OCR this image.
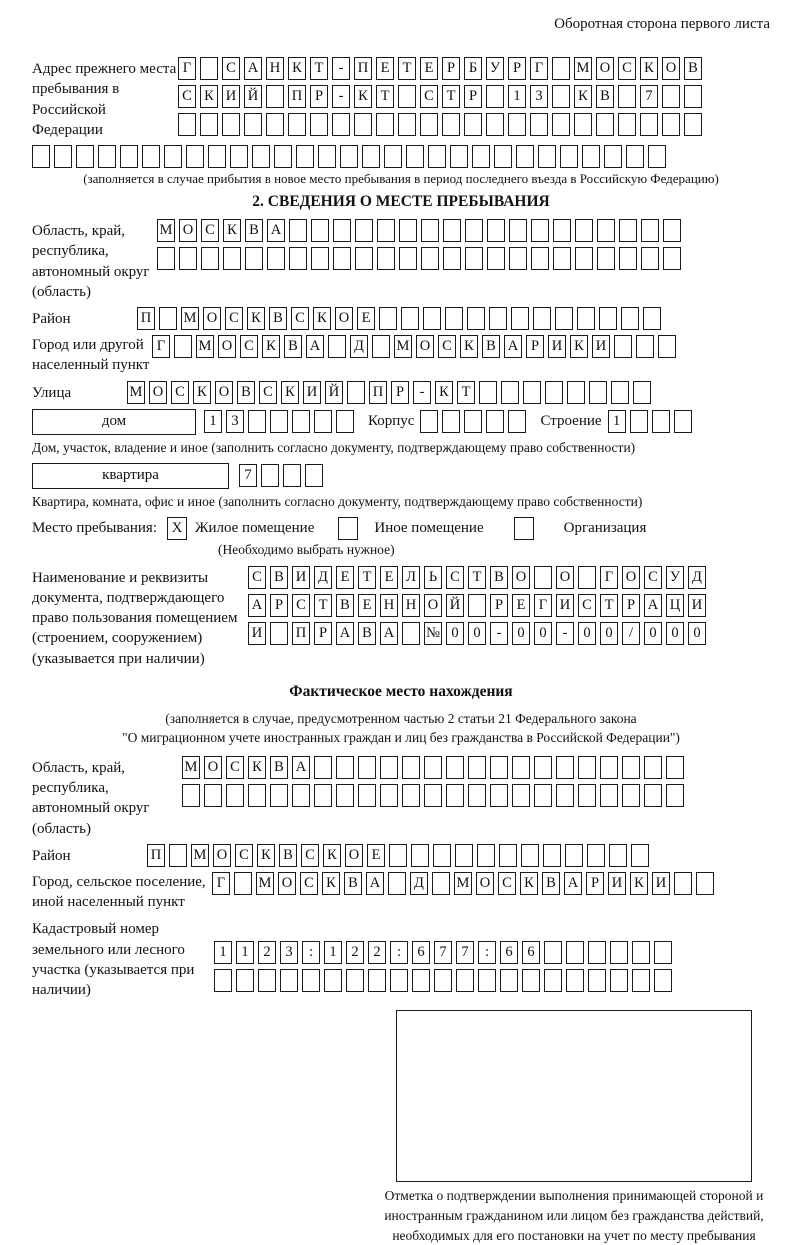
Оборотная сторона первого листа
Адрес прежнего места пребывания в Российской Федерации
Г	С А Н К Т	- П Е Т Е Р Б У Р Г	М О С К О В
С К И Й П Р	-	К Т	С Т Р	1	3	К В	7
(заполняется в случае прибытия в новое место пребывания в период последнего въезда в Российскую Федерацию)
2. СВЕДЕНИЯ О МЕСТЕ ПРЕБЫВАНИЯ
Область, край, республика, автономный округ (область)
М О С К В А
Район	П М О С К В С К О Е
Город или другой населенный пункт
Г	М О С К В А Д М О С К В А Р И К И
Улица	М О С К О В С К И Й П Р	-	К Т
дом	1	3	Корпус	Строение 1
Дом, участок, владение и иное (заполнить согласно документу, подтверждающему право собственности)
квартира	7
Квартира, комната, офис и иное (заполнить согласно документу, подтверждающему право собственности)
Место пребывания: X Жилое помещение	Иное помещение	Организация
(Необходимо выбрать нужное)
Наименование и реквизиты документа, подтверждающего право пользования помещением (строением, сооружением) (указывается при наличии)
С В И Д Е Т Е Л Ь С Т В О О	Г О С У Д
А Р С Т В Е Н Н О Й	Р Е Г И С Т Р А Ц И
И П Р А В А № 0	0	-	0	0	-	0	0	/	0	0	0
Фактическое место нахождения
(заполняется в случае, предусмотренном частью 2 статьи 21 Федерального закона
"О миграционном учете иностранных граждан и лиц без гражданства в Российской Федерации")
Область, край, республика, автономный округ (область)
М О С К В А
Район	П М О С К В С К О Е
Город, сельское поселение, иной населенный пункт
Г	М О С К В А Д М О С К В А Р И К И
Кадастровый номер земельного или лесного участка (указывается при наличии)
1	1	2	3	:	1	2	2	:	6	7	7	:	6	6
Отметка о подтверждении выполнения принимающей стороной и иностранным гражданином или лицом без гражданства действий, необходимых для его постановки на учет по месту пребывания
